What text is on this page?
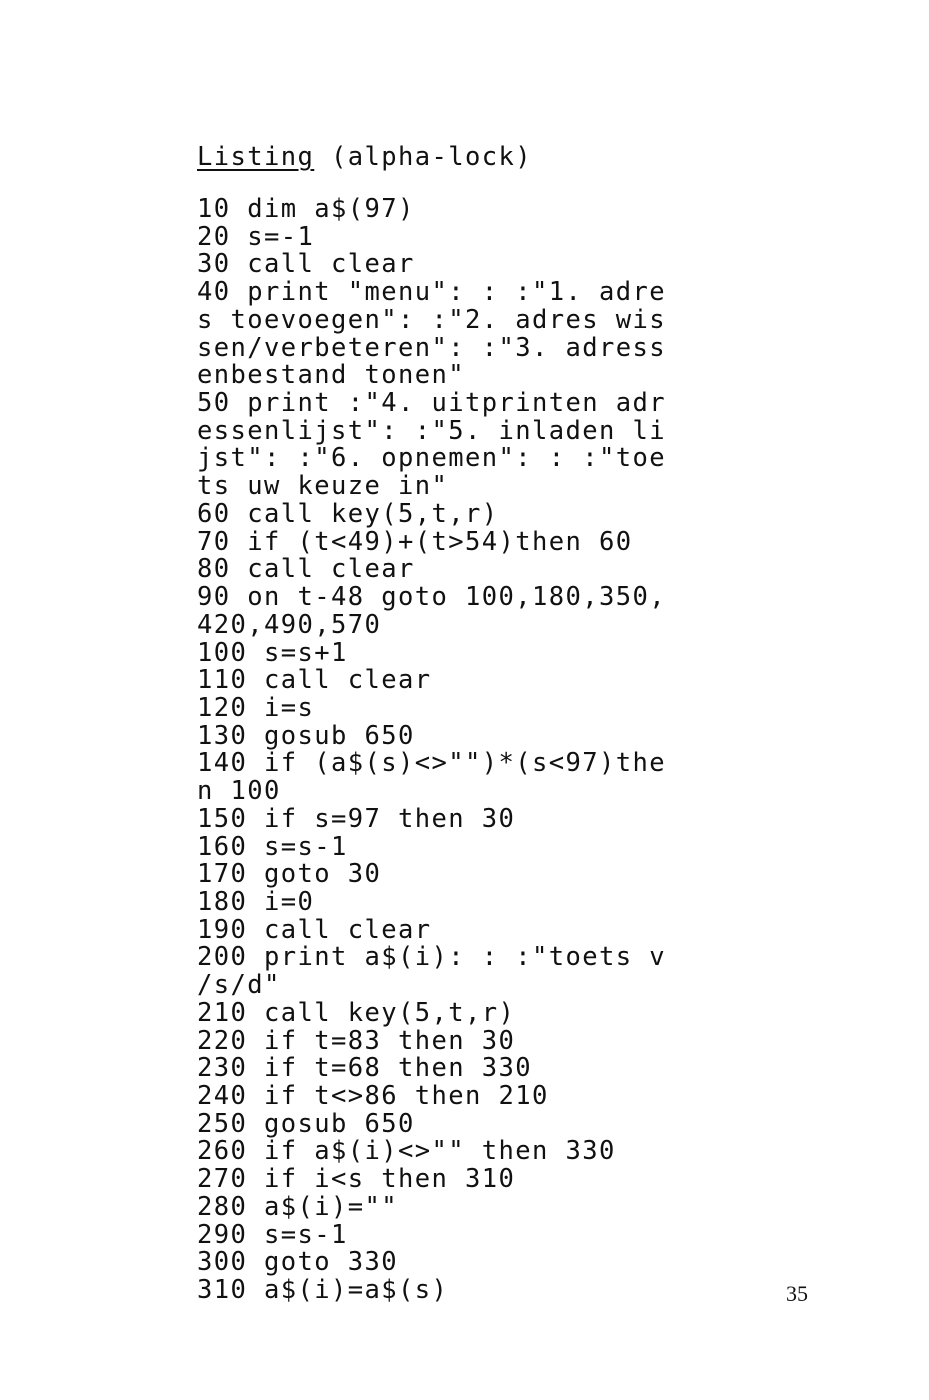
Listing (alpha-lock)
10 dim a$(97)
20 s=-1
30 call clear
40 print "menu": : :"1. adre
s toevoegen": :"2. adres wis
sen/verbeteren": :"3. adress
enbestand tonen"
50 print :"4. uitprinten adr
essenlijst": :"5. inladen li
jst": :"6. opnemen": : :"toe
ts uw keuze in"
60 call key(5,t,r)
70 if (t<49)+(t>54)then 60
80 call clear
90 on t-48 goto 100,180,350,
420,490,570
100 s=s+1
110 call clear
120 i=s
130 gosub 650
140 if (a$(s)<>"")*(s<97)the
n 100
150 if s=97 then 30
160 s=s-1
170 goto 30
180 i=0
190 call clear
200 print a$(i): : :"toets v
/s/d"
210 call key(5,t,r)
220 if t=83 then 30
230 if t=68 then 330
240 if t<>86 then 210
250 gosub 650
260 if a$(i)<>"" then 330
270 if i<s then 310
280 a$(i)=""
290 s=s-1
300 goto 330
310 a$(i)=a$(s)	35
